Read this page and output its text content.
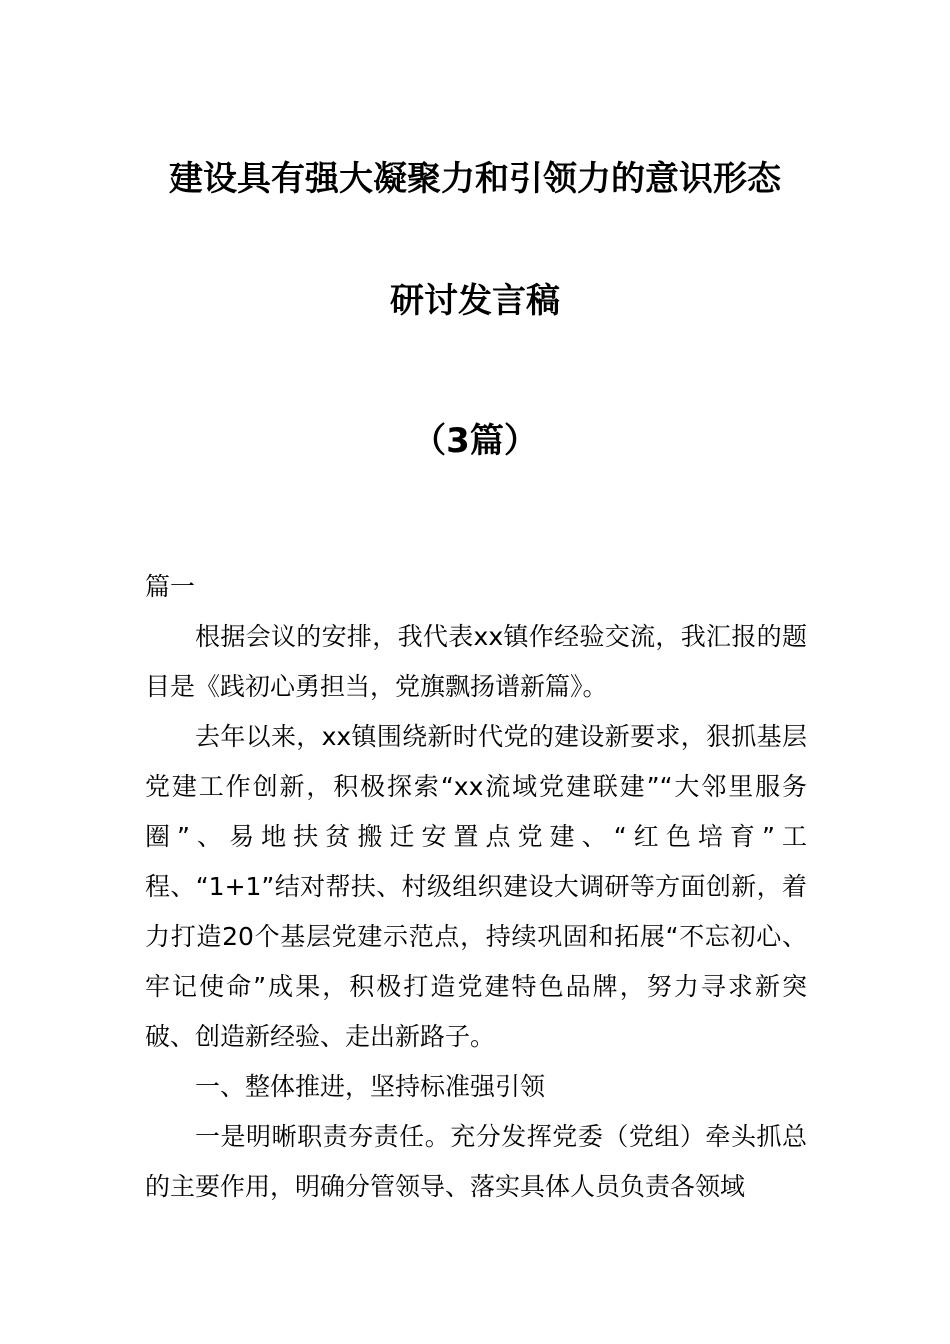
建设具有强大凝聚力和引领力的意识形态
研讨发言稿
（3篇）

篇一

根据会议的安排，我代表xx镇作经验交流，我汇报的题目是《践初心勇担当，党旗飘扬谱新篇》。

去年以来，xx镇围绕新时代党的建设新要求，狠抓基层党建工作创新，积极探索“xx流域党建联建”“大邻里服务圈”、易地扶贫搬迁安置点党建、“红色培育”工程、“1+1”结对帮扶、村级组织建设大调研等方面创新，着力打造20个基层党建示范点，持续巩固和拓展“不忘初心、牢记使命”成果，积极打造党建特色品牌，努力寻求新突破、创造新经验、走出新路子。

一、整体推进，坚持标准强引领

一是明晰职责夯责任。充分发挥党委（党组）牵头抓总的主要作用，明确分管领导、落实具体人员负责各领域
